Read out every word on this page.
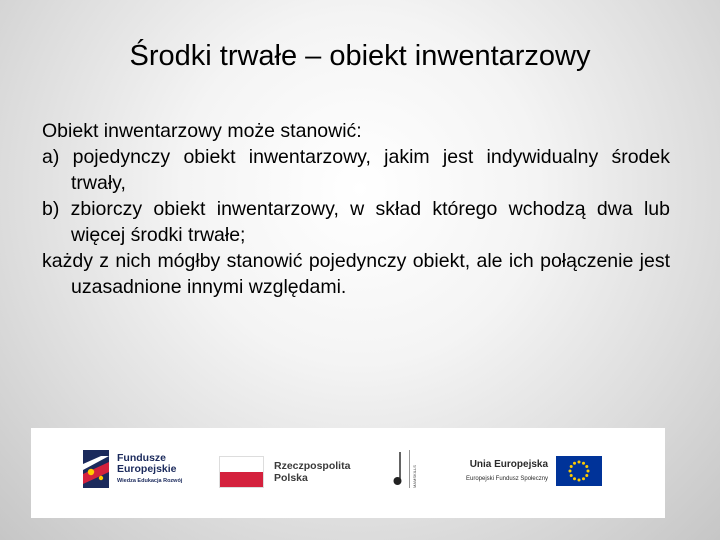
Środki trwałe – obiekt inwentarzowy

Obiekt inwentarzowy może stanowić:

a) pojedynczy obiekt inwentarzowy, jakim jest indywidualny środek trwały,

b) zbiorczy obiekt inwentarzowy, w skład którego wchodzą dwa lub więcej środki trwałe;

każdy z nich mógłby stanowić pojedynczy obiekt, ale ich połączenie jest uzasadnione innymi względami.

Fundusze
Europejskie
Wiedza Edukacja Rozwój
Rzeczpospolita
Polska	MAMSKILLS
Unia Europejska
Europejski Fundusz Społeczny
